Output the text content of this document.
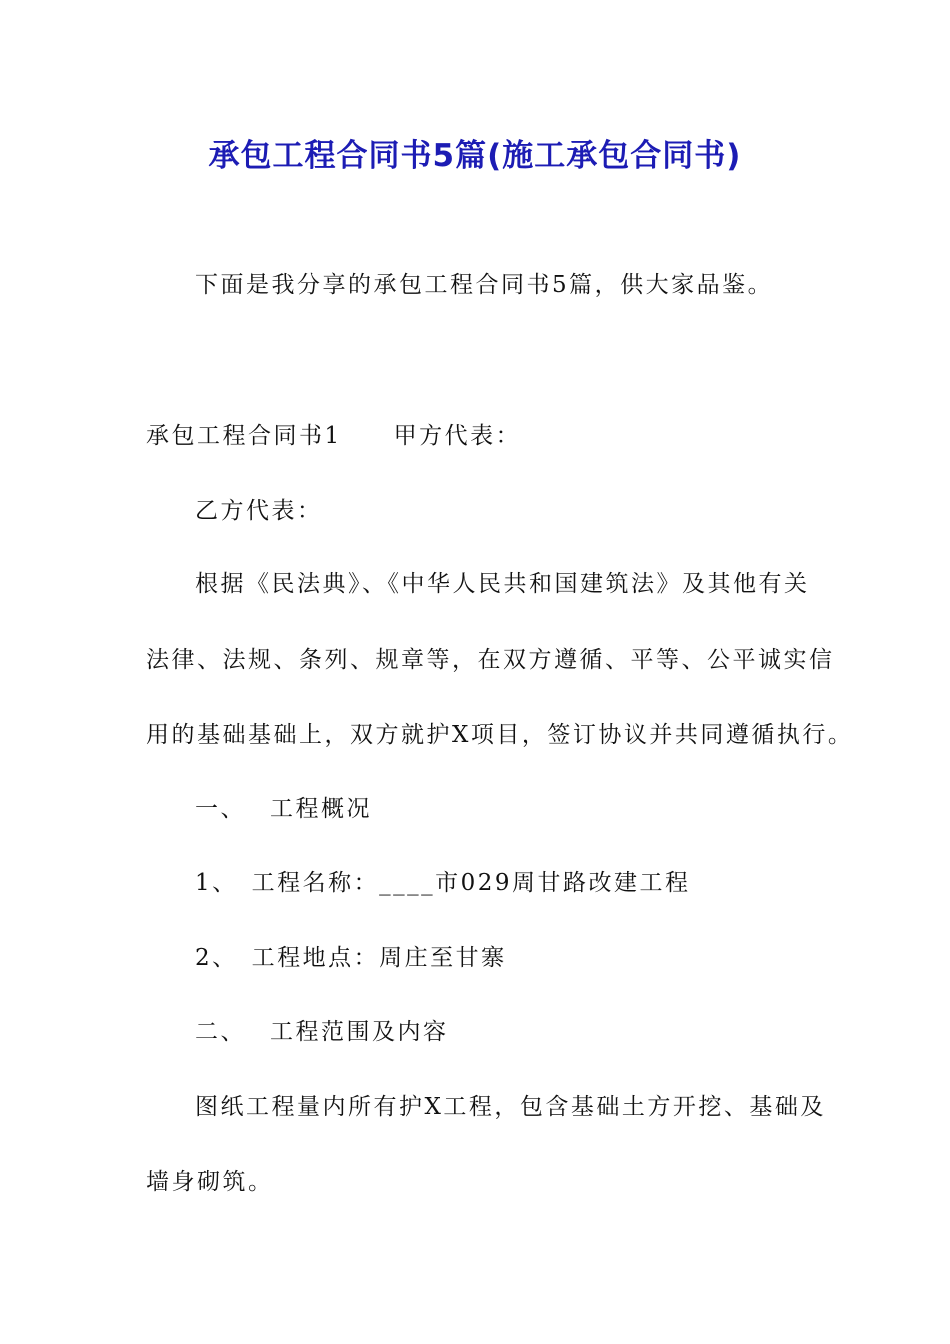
承包工程合同书5篇(施工承包合同书)
下面是我分享的承包工程合同书5篇，供大家品鉴。
承包工程合同书1 甲方代表：
乙方代表：
根据《民法典》、《中华人民共和国建筑法》及其他有关
法律、法规、条列、规章等，在双方遵循、平等、公平诚实信
用的基础基础上，双方就护X项目，签订协议并共同遵循执行。
一、 工程概况
1、 工程名称：____市029周甘路改建工程
2、 工程地点：周庄至甘寨
二、 工程范围及内容
图纸工程量内所有护X工程，包含基础土方开挖、基础及
墙身砌筑。
